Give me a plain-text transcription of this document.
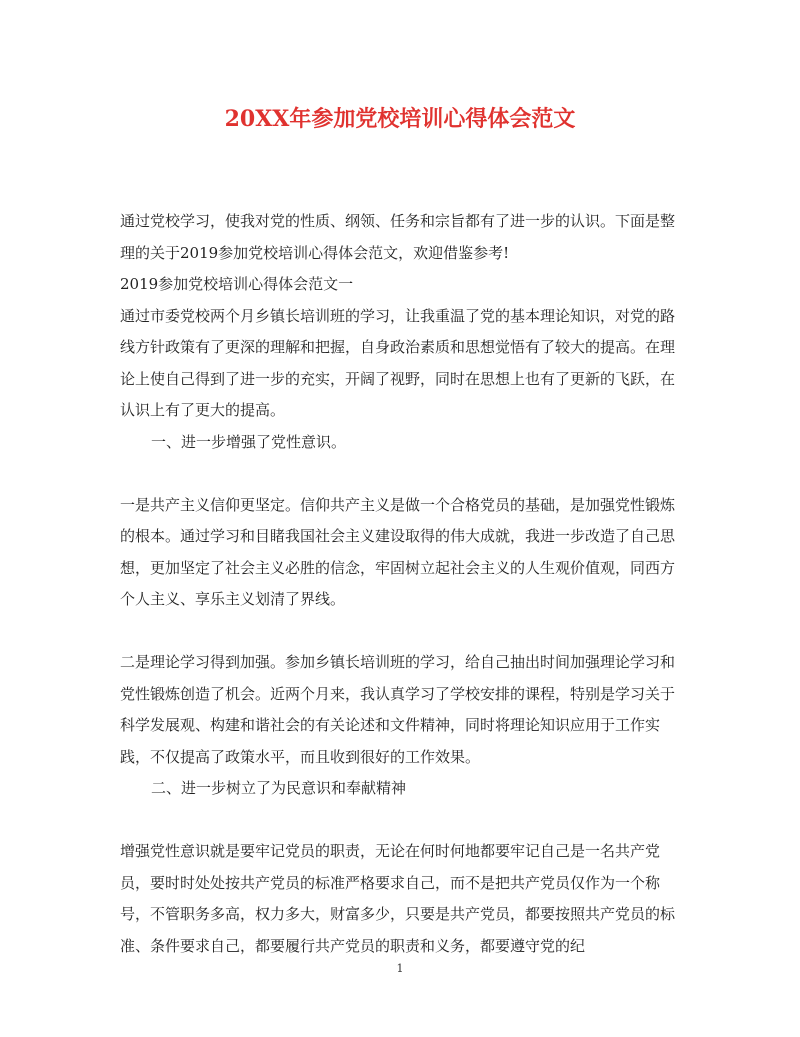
20XX年参加党校培训心得体会范文

通过党校学习，使我对党的性质、纲领、任务和宗旨都有了进一步的认识。下面是整理的关于2019参加党校培训心得体会范文，欢迎借鉴参考!

2019参加党校培训心得体会范文一

通过市委党校两个月乡镇长培训班的学习，让我重温了党的基本理论知识，对党的路线方针政策有了更深的理解和把握，自身政治素质和思想觉悟有了较大的提高。在理论上使自己得到了进一步的充实，开阔了视野，同时在思想上也有了更新的飞跃，在认识上有了更大的提高。

一、进一步增强了党性意识。

一是共产主义信仰更坚定。信仰共产主义是做一个合格党员的基础，是加强党性锻炼的根本。通过学习和目睹我国社会主义建设取得的伟大成就，我进一步改造了自己思想，更加坚定了社会主义必胜的信念，牢固树立起社会主义的人生观价值观，同西方个人主义、享乐主义划清了界线。

二是理论学习得到加强。参加乡镇长培训班的学习，给自己抽出时间加强理论学习和党性锻炼创造了机会。近两个月来，我认真学习了学校安排的课程，特别是学习关于科学发展观、构建和谐社会的有关论述和文件精神，同时将理论知识应用于工作实践，不仅提高了政策水平，而且收到很好的工作效果。

二、进一步树立了为民意识和奉献精神

增强党性意识就是要牢记党员的职责，无论在何时何地都要牢记自己是一名共产党员，要时时处处按共产党员的标准严格要求自己，而不是把共产党员仅作为一个称号，不管职务多高，权力多大，财富多少，只要是共产党员，都要按照共产党员的标准、条件要求自己，都要履行共产党员的职责和义务，都要遵守党的纪

1
